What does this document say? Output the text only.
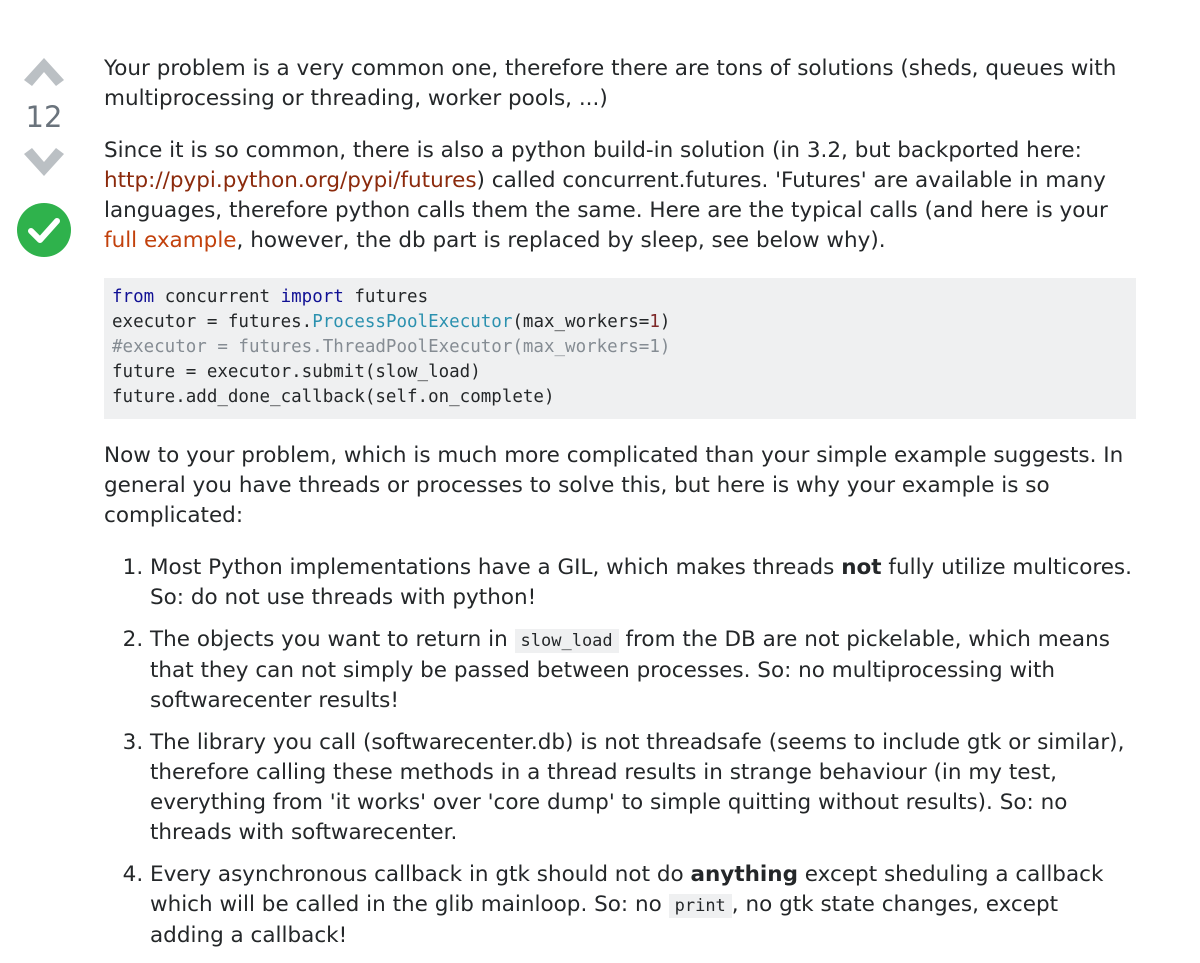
12

Your problem is a very common one, therefore there are tons of solutions (sheds, queues with multiprocessing or threading, worker pools, ...)

Since it is so common, there is also a python build-in solution (in 3.2, but backported here: http://pypi.python.org/pypi/futures) called concurrent.futures. 'Futures' are available in many languages, therefore python calls them the same. Here are the typical calls (and here is your full example, however, the db part is replaced by sleep, see below why).

from concurrent import futures
executor = futures.ProcessPoolExecutor(max_workers=1)
#executor = futures.ThreadPoolExecutor(max_workers=1)
future = executor.submit(slow_load)
future.add_done_callback(self.on_complete)

Now to your problem, which is much more complicated than your simple example suggests. In general you have threads or processes to solve this, but here is why your example is so complicated:

1. Most Python implementations have a GIL, which makes threads not fully utilize multicores. So: do not use threads with python!
2. The objects you want to return in slow_load from the DB are not pickelable, which means that they can not simply be passed between processes. So: no multiprocessing with softwarecenter results!
3. The library you call (softwarecenter.db) is not threadsafe (seems to include gtk or similar), therefore calling these methods in a thread results in strange behaviour (in my test, everything from 'it works' over 'core dump' to simple quitting without results). So: no threads with softwarecenter.
4. Every asynchronous callback in gtk should not do anything except sheduling a callback which will be called in the glib mainloop. So: no print , no gtk state changes, except adding a callback!
